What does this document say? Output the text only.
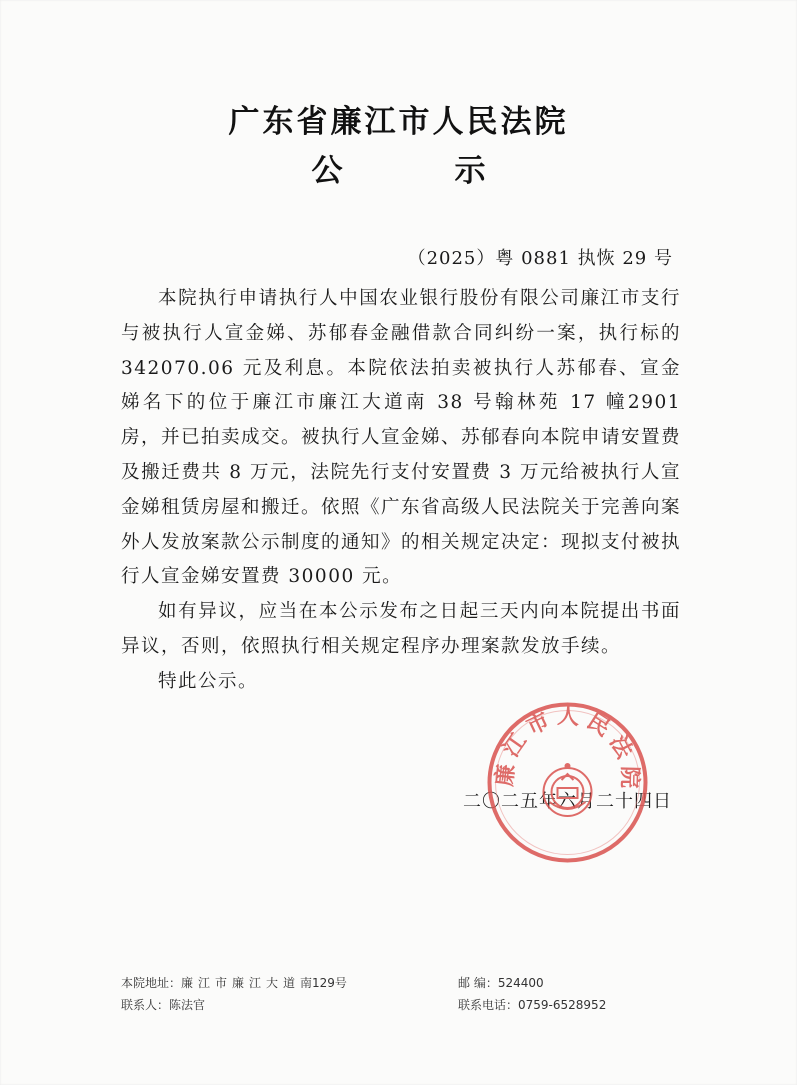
广东省廉江市人民法院
公	示
（2025）粤 0881 执恢 29 号

本院执行申请执行人中国农业银行股份有限公司廉江市支行与被执行人宣金娣、苏郁春金融借款合同纠纷一案，执行标的 342070.06 元及利息。本院依法拍卖被执行人苏郁春、宣金娣名下的位于廉江市廉江大道南 38 号翰林苑 17 幢2901 房，并已拍卖成交。被执行人宣金娣、苏郁春向本院申请安置费及搬迁费共 8 万元，法院先行支付安置费 3 万元给被执行人宣金娣租赁房屋和搬迁。依照《广东省高级人民法院关于完善向案外人发放案款公示制度的通知》的相关规定决定：现拟支付被执行人宣金娣安置费 30000 元。

如有异议，应当在本公示发布之日起三天内向本院提出书面异议，否则，依照执行相关规定程序办理案款发放手续。

特此公示。

二〇二五年六月二十四日
廉江市人民法院
本院地址：廉江市廉江大道南129号	邮 编：524400
联系人：陈法官	联系电话：0759-6528952
